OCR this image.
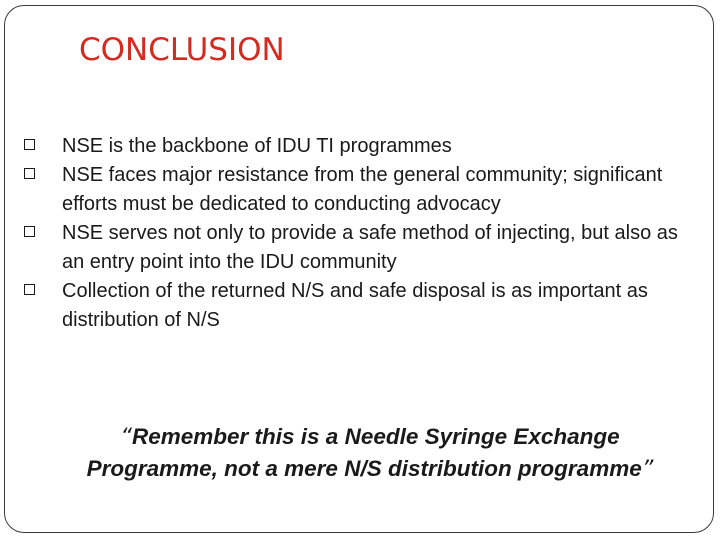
CONCLUSION
NSE is the backbone of IDU TI programmes
NSE faces major resistance from the general community; significant efforts must be dedicated to conducting advocacy
NSE serves not only to provide a safe method of injecting, but also as an entry point into the IDU community
Collection of the returned N/S and safe disposal is as important as distribution of N/S
“Remember this is a Needle Syringe Exchange Programme, not a mere N/S distribution programme”
